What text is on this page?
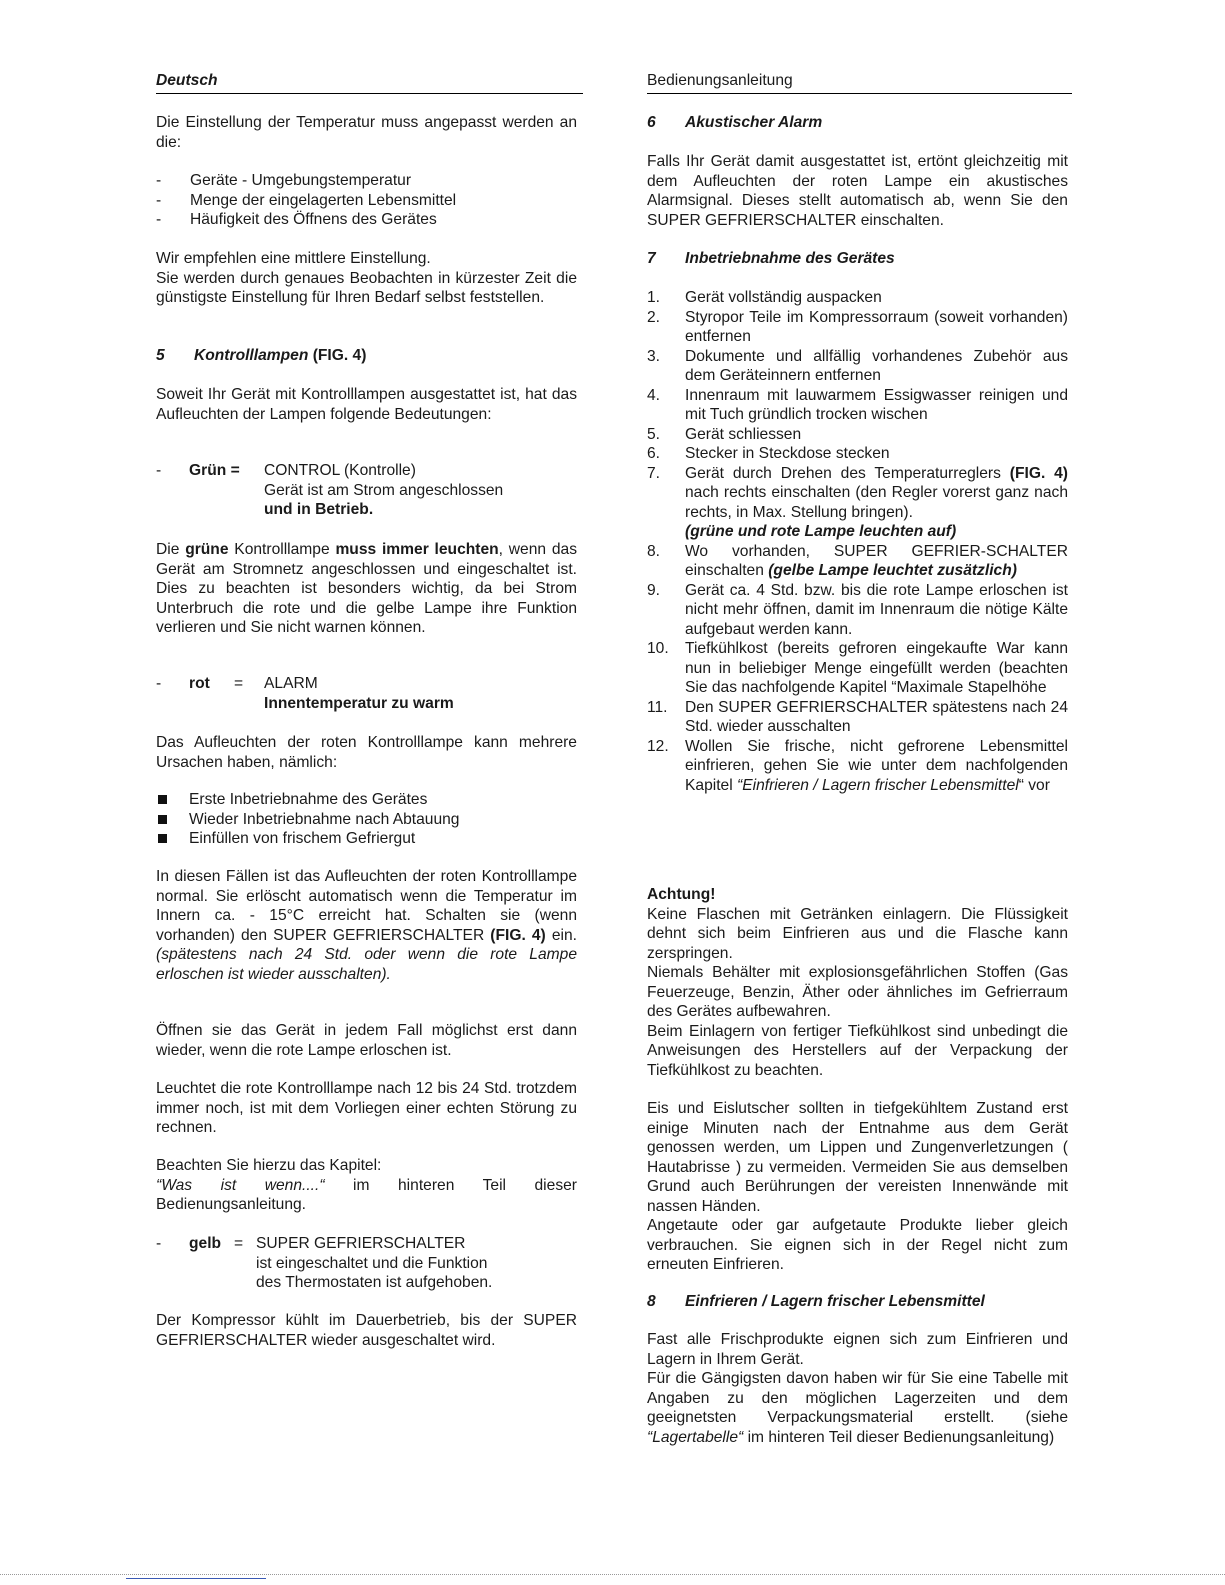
Deutsch	Bedienungsanleitung

Die Einstellung der Temperatur muss angepasst werden an die:

- Geräte - Umgebungstemperatur
- Menge der eingelagerten Lebensmittel
- Häufigkeit des Öffnens des Gerätes

Wir empfehlen eine mittlere Einstellung.

Sie werden durch genaues Beobachten in kürzester Zeit die günstigste Einstellung für Ihren Bedarf selbst feststellen.

5 Kontrolllampen (FIG. 4)

Soweit Ihr Gerät mit Kontrolllampen ausgestattet ist, hat das Aufleuchten der Lampen folgende Bedeutungen:

- Grün = CONTROL (Kontrolle)
Gerät ist am Strom angeschlossen
und in Betrieb.

Die grüne Kontrolllampe muss immer leuchten, wenn das Gerät am Stromnetz angeschlossen und eingeschaltet ist. Dies zu beachten ist besonders wichtig, da bei Strom Unterbruch die rote und die gelbe Lampe ihre Funktion verlieren und Sie nicht warnen können.

- rot = ALARM
Innentemperatur zu warm

Das Aufleuchten der roten Kontrolllampe kann mehrere Ursachen haben, nämlich:

Erste Inbetriebnahme des Gerätes
Wieder Inbetriebnahme nach Abtauung
Einfüllen von frischem Gefriergut

In diesen Fällen ist das Aufleuchten der roten Kontrolllampe normal. Sie erlöscht automatisch wenn die Temperatur im Innern ca. - 15°C erreicht hat. Schalten sie (wenn vorhanden) den SUPER GEFRIERSCHALTER (FIG. 4) ein. (spätestens nach 24 Std. oder wenn die rote Lampe erloschen ist wieder ausschalten).

Öffnen sie das Gerät in jedem Fall möglichst erst dann wieder, wenn die rote Lampe erloschen ist.

Leuchtet die rote Kontrolllampe nach 12 bis 24 Std. trotzdem immer noch, ist mit dem Vorliegen einer echten Störung zu rechnen.

Beachten Sie hierzu das Kapitel:

“Was ist wenn....“ im hinteren Teil dieser Bedienungsanleitung.

- gelb = SUPER GEFRIERSCHALTER
ist eingeschaltet und die Funktion
des Thermostaten ist aufgehoben.

Der Kompressor kühlt im Dauerbetrieb, bis der SUPER GEFRIERSCHALTER wieder ausgeschaltet wird.

6 Akustischer Alarm

Falls Ihr Gerät damit ausgestattet ist, ertönt gleichzeitig mit dem Aufleuchten der roten Lampe ein akustisches Alarmsignal. Dieses stellt automatisch ab, wenn Sie den SUPER GEFRIERSCHALTER einschalten.

7 Inbetriebnahme des Gerätes

1.	Gerät vollständig auspacken
2.	Styropor Teile im Kompressorraum (soweit vorhanden) entfernen
3.	Dokumente und allfällig vorhandenes Zubehör aus dem Geräteinnern entfernen
4.	Innenraum mit lauwarmem Essigwasser reinigen und mit Tuch gründlich trocken wischen
5.	Gerät schliessen
6.	Stecker in Steckdose stecken
7.	Gerät durch Drehen des Temperaturreglers (FIG. 4) nach rechts einschalten (den Regler vorerst ganz nach rechts, in Max. Stellung bringen).
(grüne und rote Lampe leuchten auf)
8.	Wo vorhanden, SUPER GEFRIER-SCHALTER einschalten (gelbe Lampe leuchtet zusätzlich)
9.	Gerät ca. 4 Std. bzw. bis die rote Lampe erloschen ist nicht mehr öffnen, damit im Innenraum die nötige Kälte aufgebaut werden kann.
10.	Tiefkühlkost (bereits gefroren eingekaufte War kann nun in beliebiger Menge eingefüllt werden (beachten Sie das nachfolgende Kapitel “Maximale Stapelhöhe
11.	Den SUPER GEFRIERSCHALTER spätestens nach 24 Std. wieder ausschalten
12.	Wollen Sie frische, nicht gefrorene Lebensmittel einfrieren, gehen Sie wie unter dem nachfolgenden Kapitel “Einfrieren / Lagern frischer Lebensmittel“ vor

Achtung!

Keine Flaschen mit Getränken einlagern. Die Flüssigkeit dehnt sich beim Einfrieren aus und die Flasche kann zerspringen.

Niemals Behälter mit explosionsgefährlichen Stoffen (Gas Feuerzeuge, Benzin, Äther oder ähnliches im Gefrierraum des Gerätes aufbewahren.

Beim Einlagern von fertiger Tiefkühlkost sind unbedingt die Anweisungen des Herstellers auf der Verpackung der Tiefkühlkost zu beachten.

Eis und Eislutscher sollten in tiefgekühltem Zustand erst einige Minuten nach der Entnahme aus dem Gerät genossen werden, um Lippen und Zungenverletzungen ( Hautabrisse ) zu vermeiden. Vermeiden Sie aus demselben Grund auch Berührungen der vereisten Innenwände mit nassen Händen.

Angetaute oder gar aufgetaute Produkte lieber gleich verbrauchen. Sie eignen sich in der Regel nicht zum erneuten Einfrieren.

8 Einfrieren / Lagern frischer Lebensmittel

Fast alle Frischprodukte eignen sich zum Einfrieren und Lagern in Ihrem Gerät.

Für die Gängigsten davon haben wir für Sie eine Tabelle mit Angaben zu den möglichen Lagerzeiten und dem geeignetsten Verpackungsmaterial erstellt. (siehe “Lagertabelle“ im hinteren Teil dieser Bedienungsanleitung)
